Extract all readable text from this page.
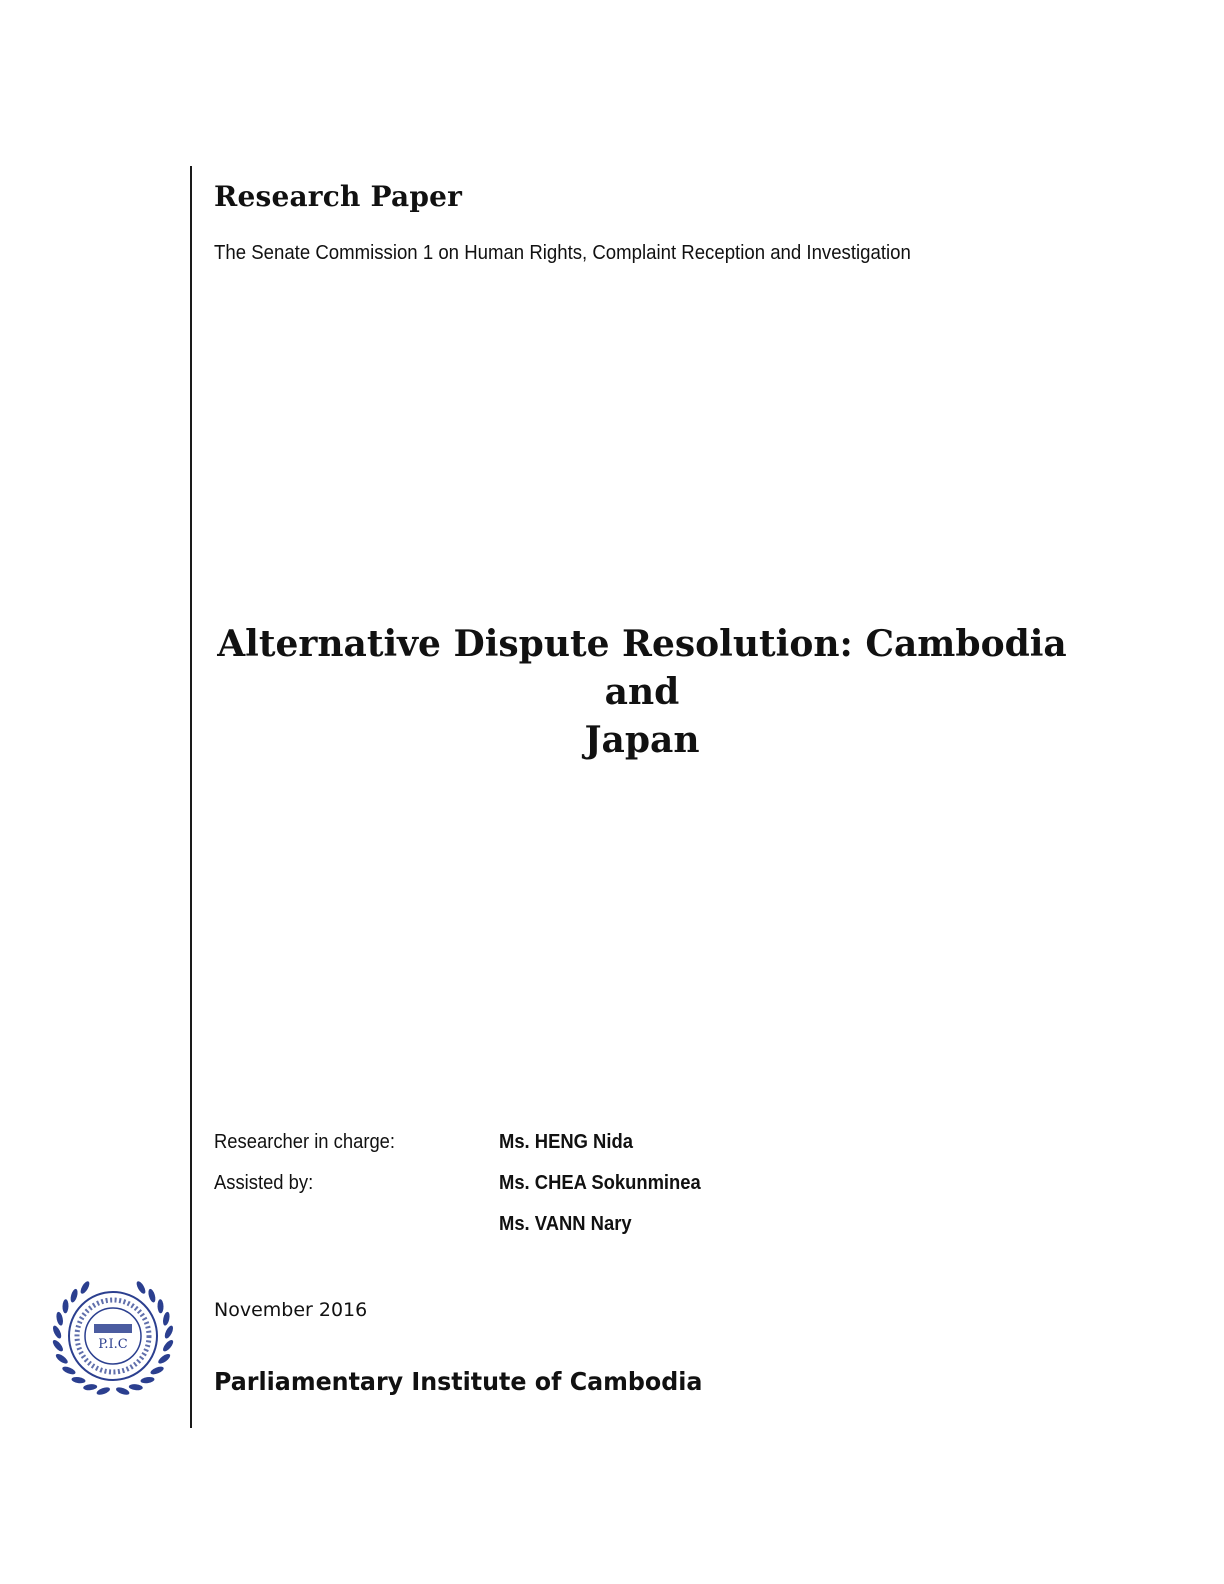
Research Paper
The Senate Commission 1 on Human Rights, Complaint Reception and Investigation
Alternative Dispute Resolution: Cambodia and
Japan
Researcher in charge:	Ms. HENG Nida
Assisted by:	Ms. CHEA Sokunminea
Ms. VANN Nary
P.I.C
November 2016
Parliamentary Institute of Cambodia
